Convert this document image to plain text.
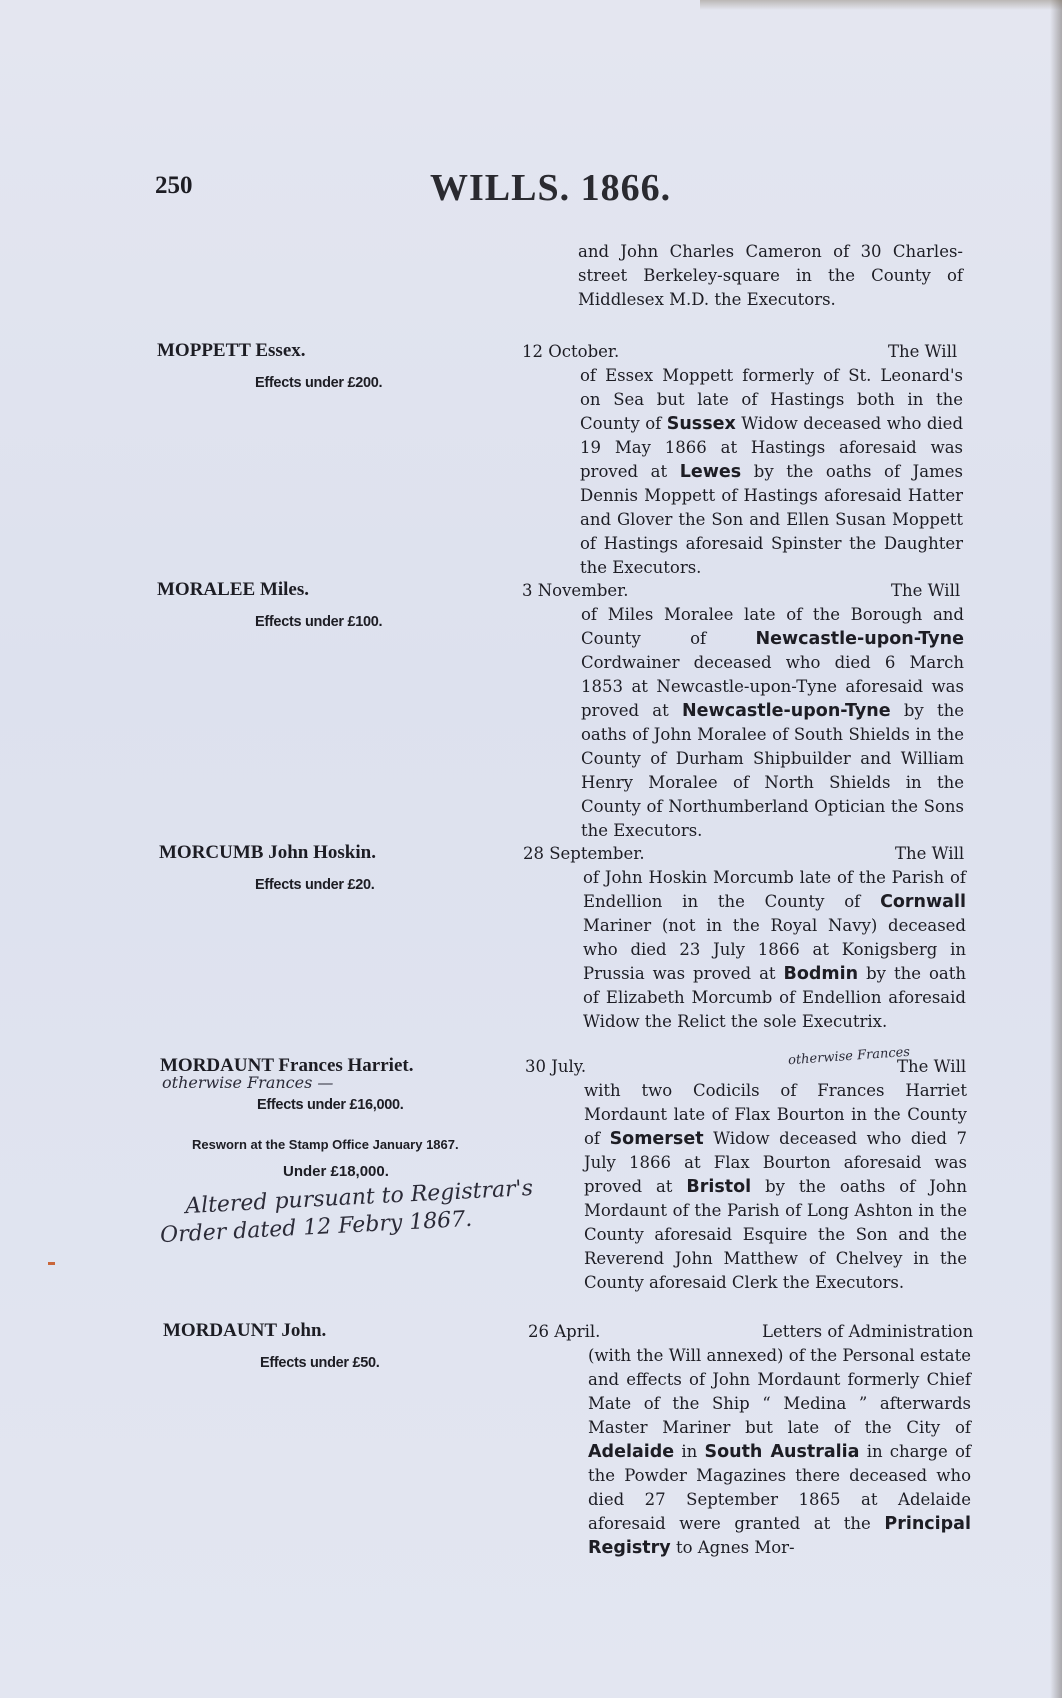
250	WILLS. 1866.
and John Charles Cameron of 30 Charles-street Berkeley-square in the County of Middlesex M.D. the Executors.
MOPPETT Essex.
Effects under £200.
12 October.	The Will
of Essex Moppett formerly of St. Leonard's on Sea but late of Hastings both in the County of Sussex Widow deceased who died 19 May 1866 at Hastings aforesaid was proved at Lewes by the oaths of James Dennis Moppett of Hastings aforesaid Hatter and Glover the Son and Ellen Susan Moppett of Hastings aforesaid Spinster the Daughter the Executors.
MORALEE Miles.
Effects under £100.
3 November.	The Will
of Miles Moralee late of the Borough and County of Newcastle-upon-Tyne Cordwainer deceased who died 6 March 1853 at Newcastle-upon-Tyne aforesaid was proved at Newcastle-upon-Tyne by the oaths of John Moralee of South Shields in the County of Durham Shipbuilder and William Henry Moralee of North Shields in the County of Northumberland Optician the Sons the Executors.
MORCUMB John Hoskin.
Effects under £20.
28 September.	The Will
of John Hoskin Morcumb late of the Parish of Endellion in the County of Cornwall Mariner (not in the Royal Navy) deceased who died 23 July 1866 at Konigsberg in Prussia was proved at Bodmin by the oath of Elizabeth Morcumb of Endellion aforesaid Widow the Relict the sole Executrix.
MORDAUNT Frances Harriet.
otherwise Frances —
Effects under £16,000.
Resworn at the Stamp Office January 1867.
Under £18,000.
Altered pursuant to Registrar's
Order dated 12 Febry 1867.
30 July.	otherwise Frances
The Will
with two Codicils of Frances Harriet Mordaunt late of Flax Bourton in the County of Somerset Widow deceased who died 7 July 1866 at Flax Bourton aforesaid was proved at Bristol by the oaths of John Mordaunt of the Parish of Long Ashton in the County aforesaid Esquire the Son and the Reverend John Matthew of Chelvey in the County aforesaid Clerk the Executors.
MORDAUNT John.
Effects under £50.
26 April.	Letters of Administration
(with the Will annexed) of the Personal estate and effects of John Mordaunt formerly Chief Mate of the Ship “ Medina ” afterwards Master Mariner but late of the City of Adelaide in South Australia in charge of the Powder Magazines there deceased who died 27 September 1865 at Adelaide aforesaid were granted at the Principal Registry to Agnes Mor-
